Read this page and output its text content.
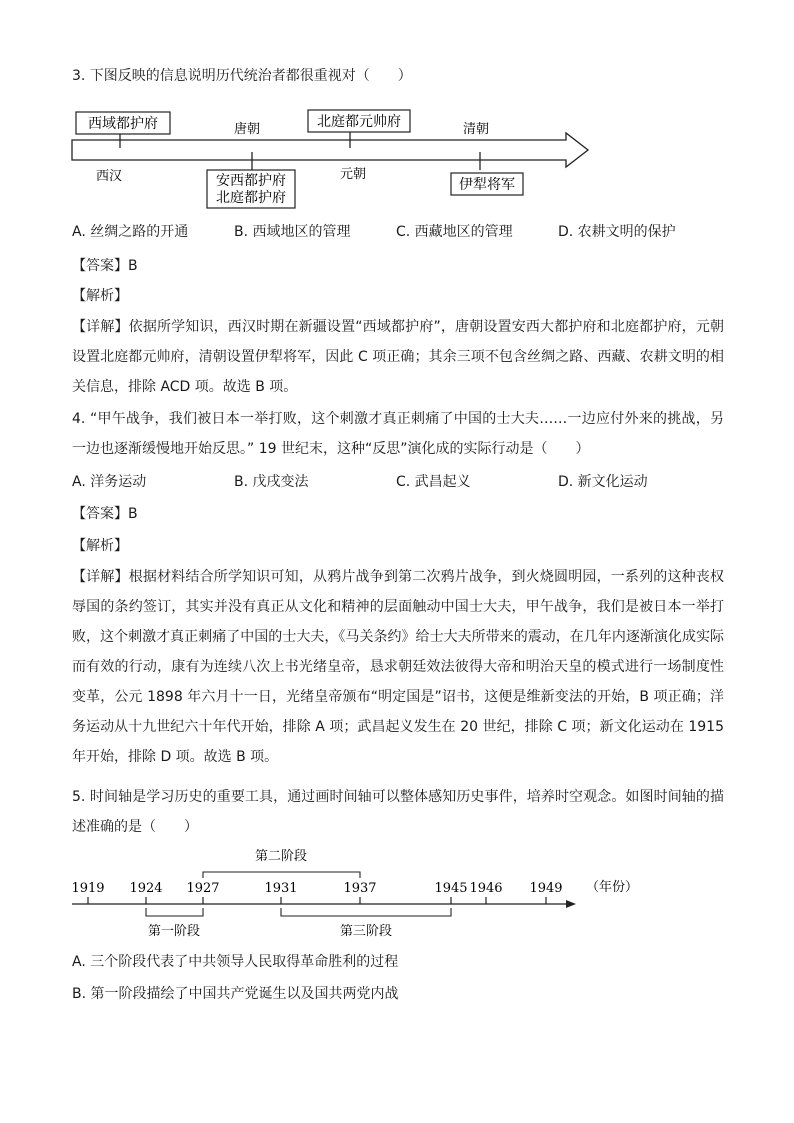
3. 下图反映的信息说明历代统治者都很重视对（　　）
西域都护府	北庭都元帅府
安西都护府
北庭都护府
伊犁将军
唐朝	清朝
西汉	元朝
A. 丝绸之路的开通	B. 西域地区的管理	C. 西藏地区的管理	D. 农耕文明的保护
【答案】B
【解析】
【详解】依据所学知识，西汉时期在新疆设置“西域都护府”，唐朝设置安西大都护府和北庭都护府，元朝设置北庭都元帅府，清朝设置伊犁将军，因此 C 项正确；其余三项不包含丝绸之路、西藏、农耕文明的相关信息，排除 ACD 项。故选 B 项。
4. “甲午战争，我们被日本一举打败，这个刺激才真正刺痛了中国的士大夫……一边应付外来的挑战，另一边也逐渐缓慢地开始反思。” 19 世纪末，这种“反思”演化成的实际行动是（　　）
A. 洋务运动	B. 戊戌变法	C. 武昌起义	D. 新文化运动
【答案】B
【解析】
【详解】根据材料结合所学知识可知，从鸦片战争到第二次鸦片战争，到火烧圆明园，一系列的这种丧权辱国的条约签订，其实并没有真正从文化和精神的层面触动中国士大夫，甲午战争，我们是被日本一举打败，这个刺激才真正刺痛了中国的士大夫，《马关条约》给士大夫所带来的震动，在几年内逐渐演化成实际而有效的行动，康有为连续八次上书光绪皇帝，恳求朝廷效法彼得大帝和明治天皇的模式进行一场制度性变革，公元 1898 年六月十一日，光绪皇帝颁布“明定国是”诏书，这便是维新变法的开始，B 项正确；洋务运动从十九世纪六十年代开始，排除 A 项；武昌起义发生在 20 世纪，排除 C 项；新文化运动在 1915 年开始，排除 D 项。故选 B 项。
5. 时间轴是学习历史的重要工具，通过画时间轴可以整体感知历史事件，培养时空观念。如图时间轴的描述准确的是（　　）
第二阶段
1919 1924 1927	1931	1937	1945 1946 1949 （年份）
第一阶段	第三阶段
A. 三个阶段代表了中共领导人民取得革命胜利的过程
B. 第一阶段描绘了中国共产党诞生以及国共两党内战
